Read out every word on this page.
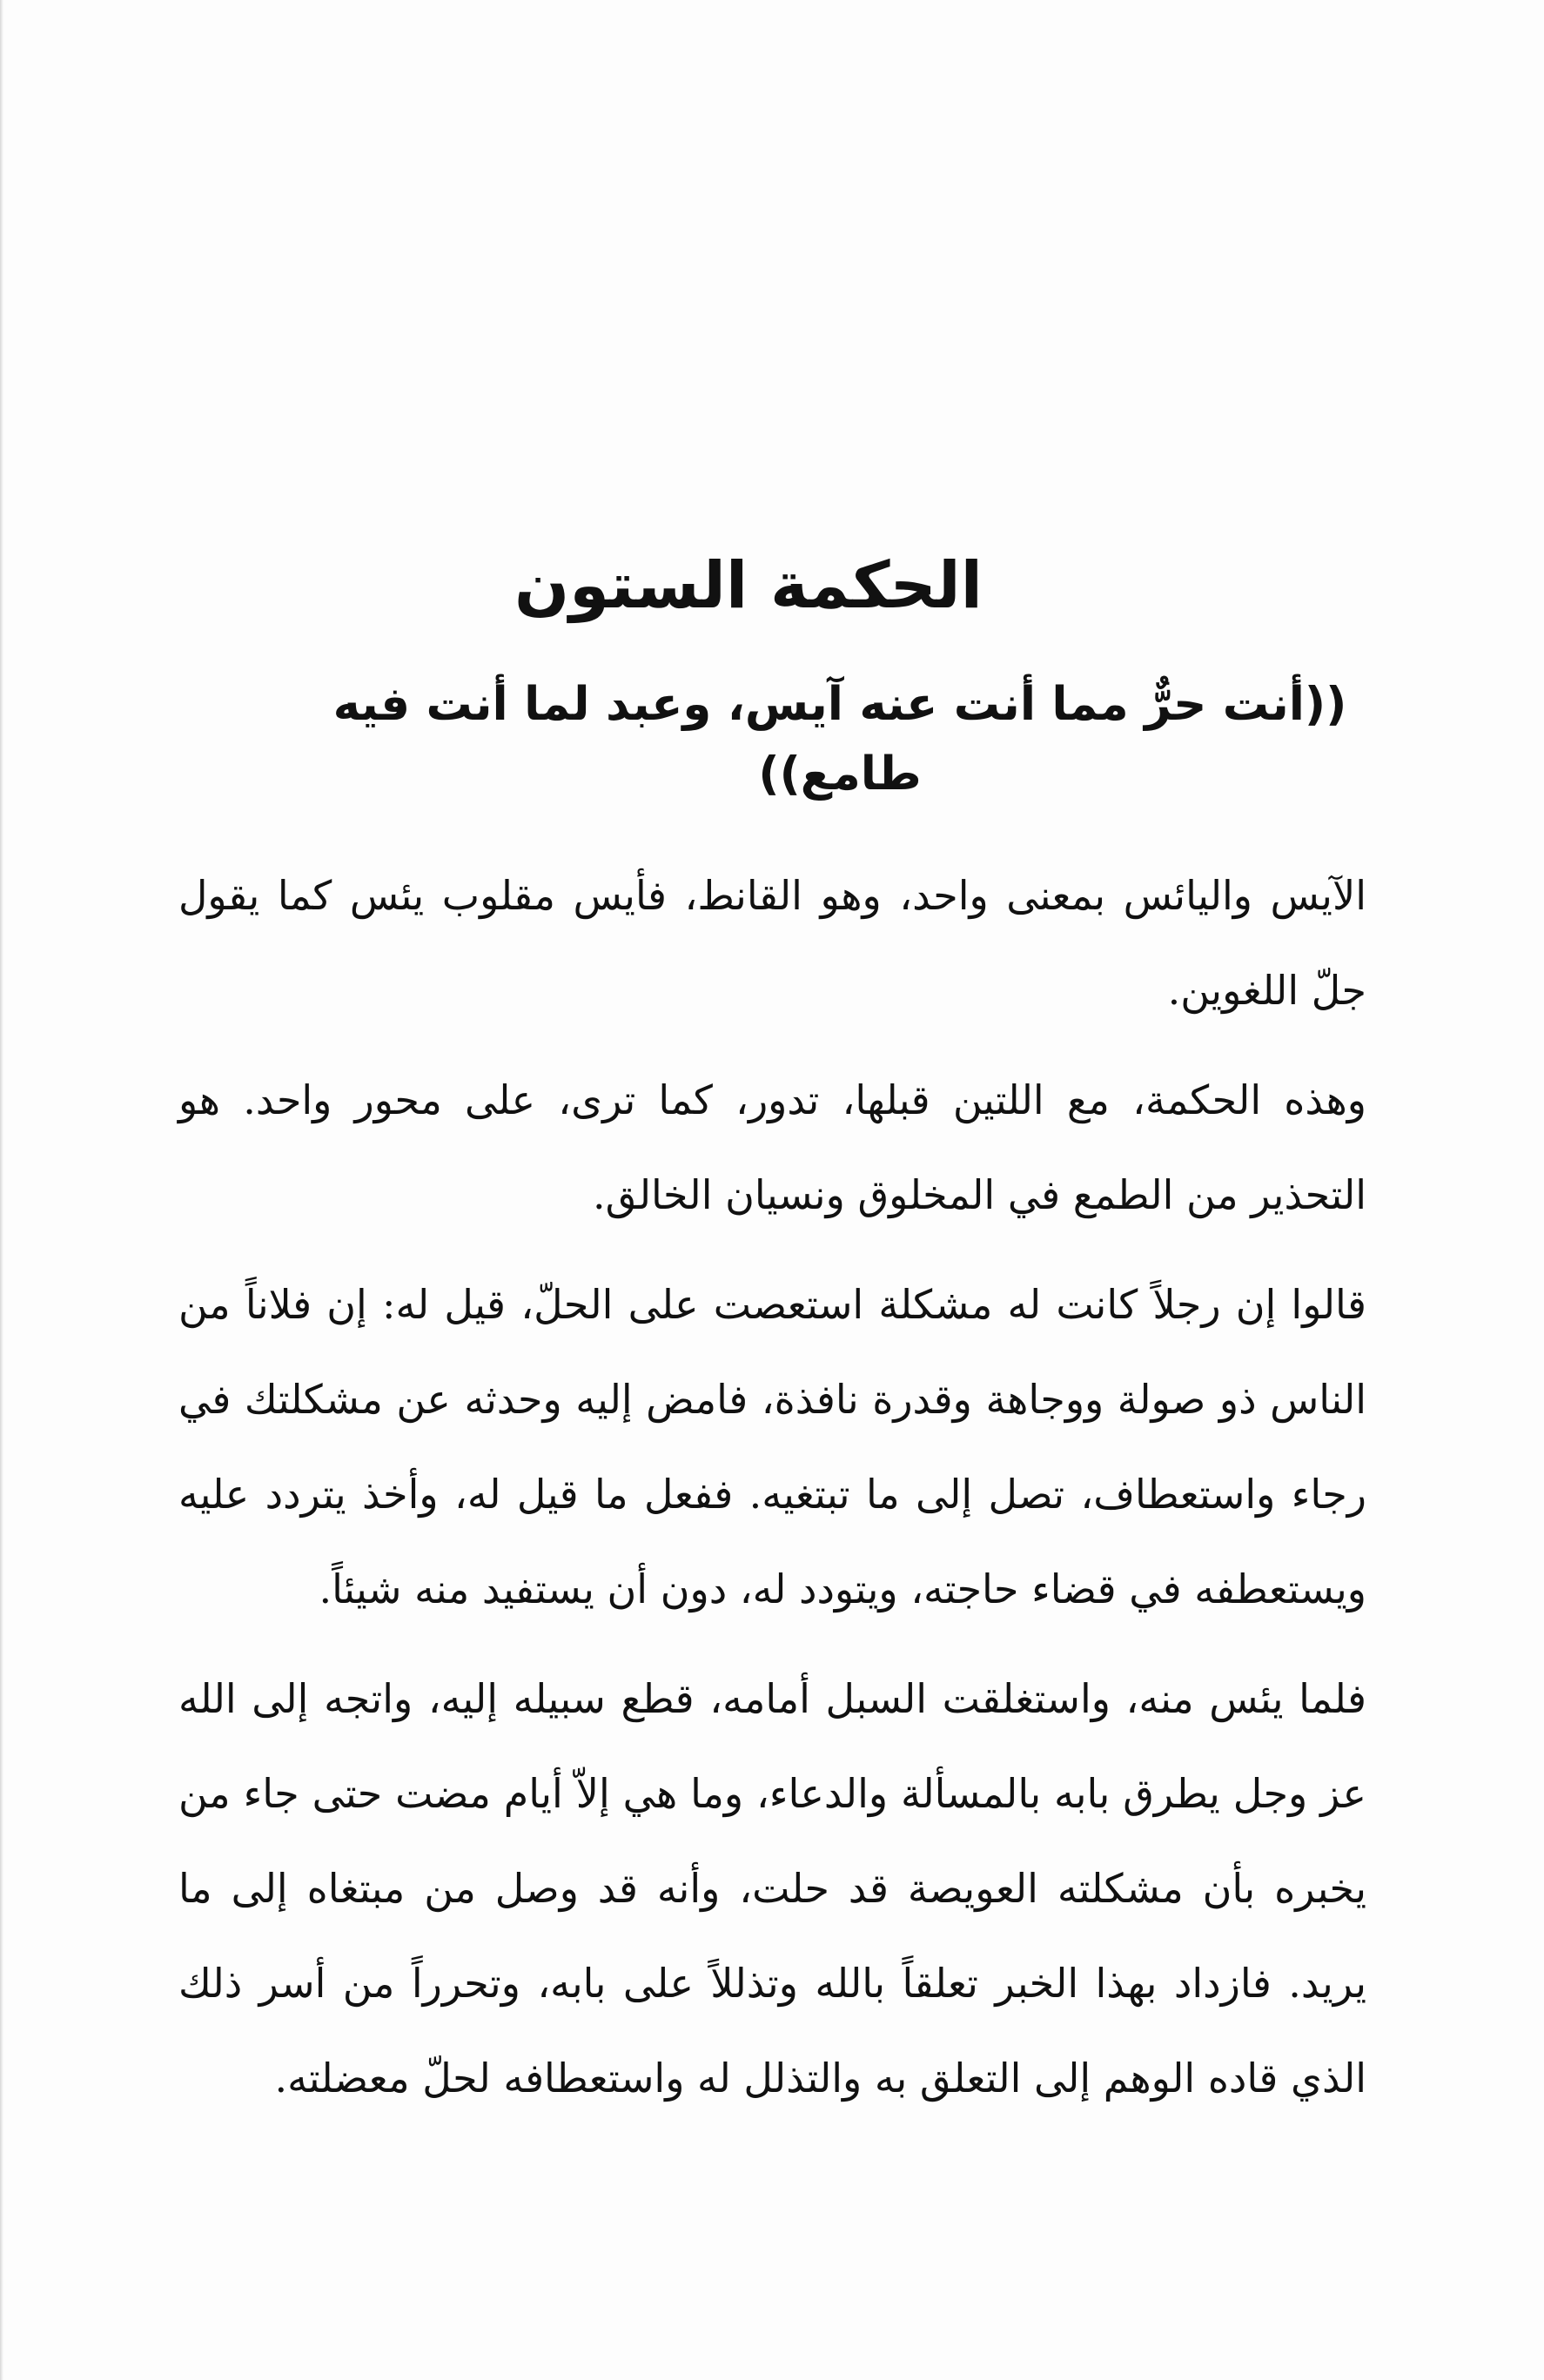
الحكمة الستون
((أنت حرٌّ مما أنت عنه آيس، وعبد لما أنت فيه طامع))

الآيس واليائس بمعنى واحد، وهو القانط، فأيس مقلوب يئس كما يقول جلّ اللغوين.

وهذه الحكمة، مع اللتين قبلها، تدور، كما ترى، على محور واحد. هو التحذير من الطمع في المخلوق ونسيان الخالق.

قالوا إن رجلاً كانت له مشكلة استعصت على الحلّ، قيل له: إن فلاناً من الناس ذو صولة ووجاهة وقدرة نافذة، فامض إليه وحدثه عن مشكلتك في رجاء واستعطاف، تصل إلى ما تبتغيه. ففعل ما قيل له، وأخذ يتردد عليه ويستعطفه في قضاء حاجته، ويتودد له، دون أن يستفيد منه شيئاً.

فلما يئس منه، واستغلقت السبل أمامه، قطع سبيله إليه، واتجه إلى الله عز وجل يطرق بابه بالمسألة والدعاء، وما هي إلاّ أيام مضت حتى جاء من يخبره بأن مشكلته العويصة قد حلت، وأنه قد وصل من مبتغاه إلى ما يريد. فازداد بهذا الخبر تعلقاً بالله وتذللاً على بابه، وتحرراً من أسر ذلك الذي قاده الوهم إلى التعلق به والتذلل له واستعطافه لحلّ معضلته.
